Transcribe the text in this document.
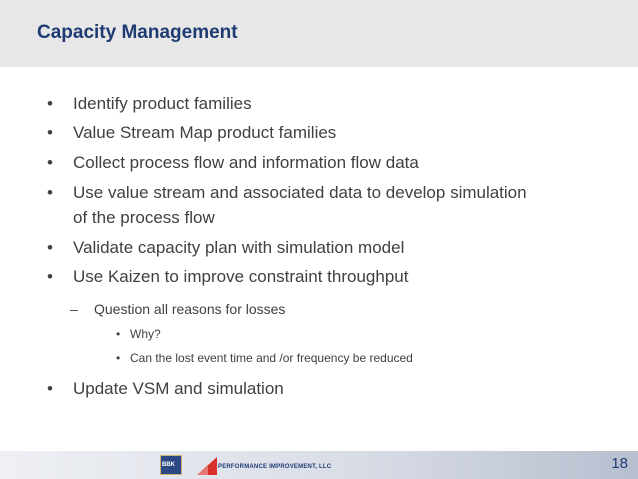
Capacity Management
• Identify product families
• Value Stream Map product families
• Collect process flow and information flow data
• Use value stream and associated data to develop simulation
of the process flow
• Validate capacity plan with simulation model
• Use Kaizen to improve constraint throughput
– Question all reasons for losses
• Why?
• Can the lost event time and /or frequency be reduced
• Update VSM and simulation
BBK	PERFORMANCE IMPROVEMENT, LLC	18
